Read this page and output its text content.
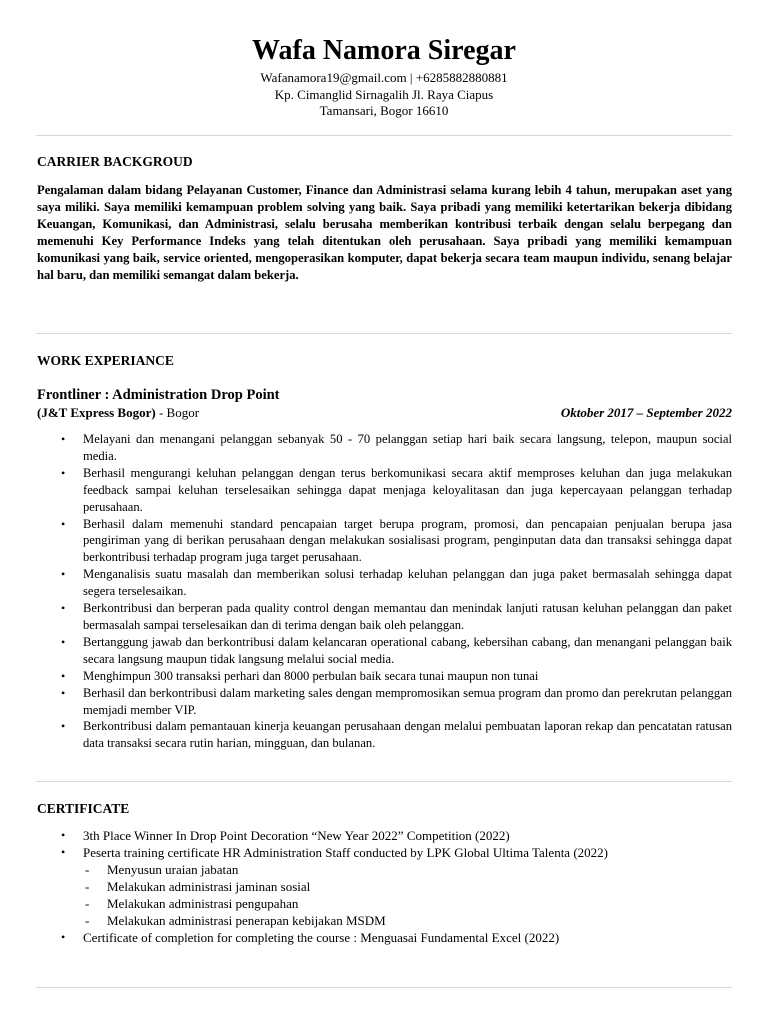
Wafa Namora Siregar
Wafanamora19@gmail.com | +6285882880881
Kp. Cimanglid Sirnagalih Jl. Raya Ciapus
Tamansari, Bogor 16610
CARRIER BACKGROUD

Pengalaman dalam bidang Pelayanan Customer, Finance dan Administrasi selama kurang lebih 4 tahun, merupakan aset yang saya miliki. Saya memiliki kemampuan problem solving yang baik. Saya pribadi yang memiliki ketertarikan bekerja dibidang Keuangan, Komunikasi, dan Administrasi, selalu berusaha memberikan kontribusi terbaik dengan selalu berpegang dan memenuhi Key Performance Indeks yang telah ditentukan oleh perusahaan. Saya pribadi yang memiliki kemampuan komunikasi yang baik, service oriented, mengoperasikan komputer, dapat bekerja secara team maupun individu, senang belajar hal baru, dan memiliki semangat dalam bekerja.

WORK EXPERIANCE
Frontliner : Administration Drop Point
(J&T Express Bogor) - Bogor	Oktober 2017 – September 2022
• Melayani dan menangani pelanggan sebanyak 50 - 70 pelanggan setiap hari baik secara langsung, telepon, maupun social media.
• Berhasil mengurangi keluhan pelanggan dengan terus berkomunikasi secara aktif memproses keluhan dan juga melakukan feedback sampai keluhan terselesaikan sehingga dapat menjaga keloyalitasan dan juga kepercayaan pelanggan terhadap perusahaan.
• Berhasil dalam memenuhi standard pencapaian target berupa program, promosi, dan pencapaian penjualan berupa jasa pengiriman yang di berikan perusahaan dengan melakukan sosialisasi program, penginputan data dan transaksi sehingga dapat berkontribusi terhadap program juga target perusahaan.
• Menganalisis suatu masalah dan memberikan solusi terhadap keluhan pelanggan dan juga paket bermasalah sehingga dapat segera terselesaikan.
• Berkontribusi dan berperan pada quality control dengan memantau dan menindak lanjuti ratusan keluhan pelanggan dan paket bermasalah sampai terselesaikan dan di terima dengan baik oleh pelanggan.
• Bertanggung jawab dan berkontribusi dalam kelancaran operational cabang, kebersihan cabang, dan menangani pelanggan baik secara langsung maupun tidak langsung melalui social media.
• Menghimpun 300 transaksi perhari dan 8000 perbulan baik secara tunai maupun non tunai
• Berhasil dan berkontribusi dalam marketing sales dengan mempromosikan semua program dan promo dan perekrutan pelanggan memjadi member VIP.
• Berkontribusi dalam pemantauan kinerja keuangan perusahaan dengan melalui pembuatan laporan rekap dan pencatatan ratusan data transaksi secara rutin harian, mingguan, dan bulanan.
CERTIFICATE
• 3th Place Winner In Drop Point Decoration “New Year 2022” Competition (2022)
• Peserta training certificate HR Administration Staff conducted by LPK Global Ultima Talenta (2022)
- Menyusun uraian jabatan
- Melakukan administrasi jaminan sosial
- Melakukan administrasi pengupahan
- Melakukan administrasi penerapan kebijakan MSDM
• Certificate of completion for completing the course : Menguasai Fundamental Excel (2022)
